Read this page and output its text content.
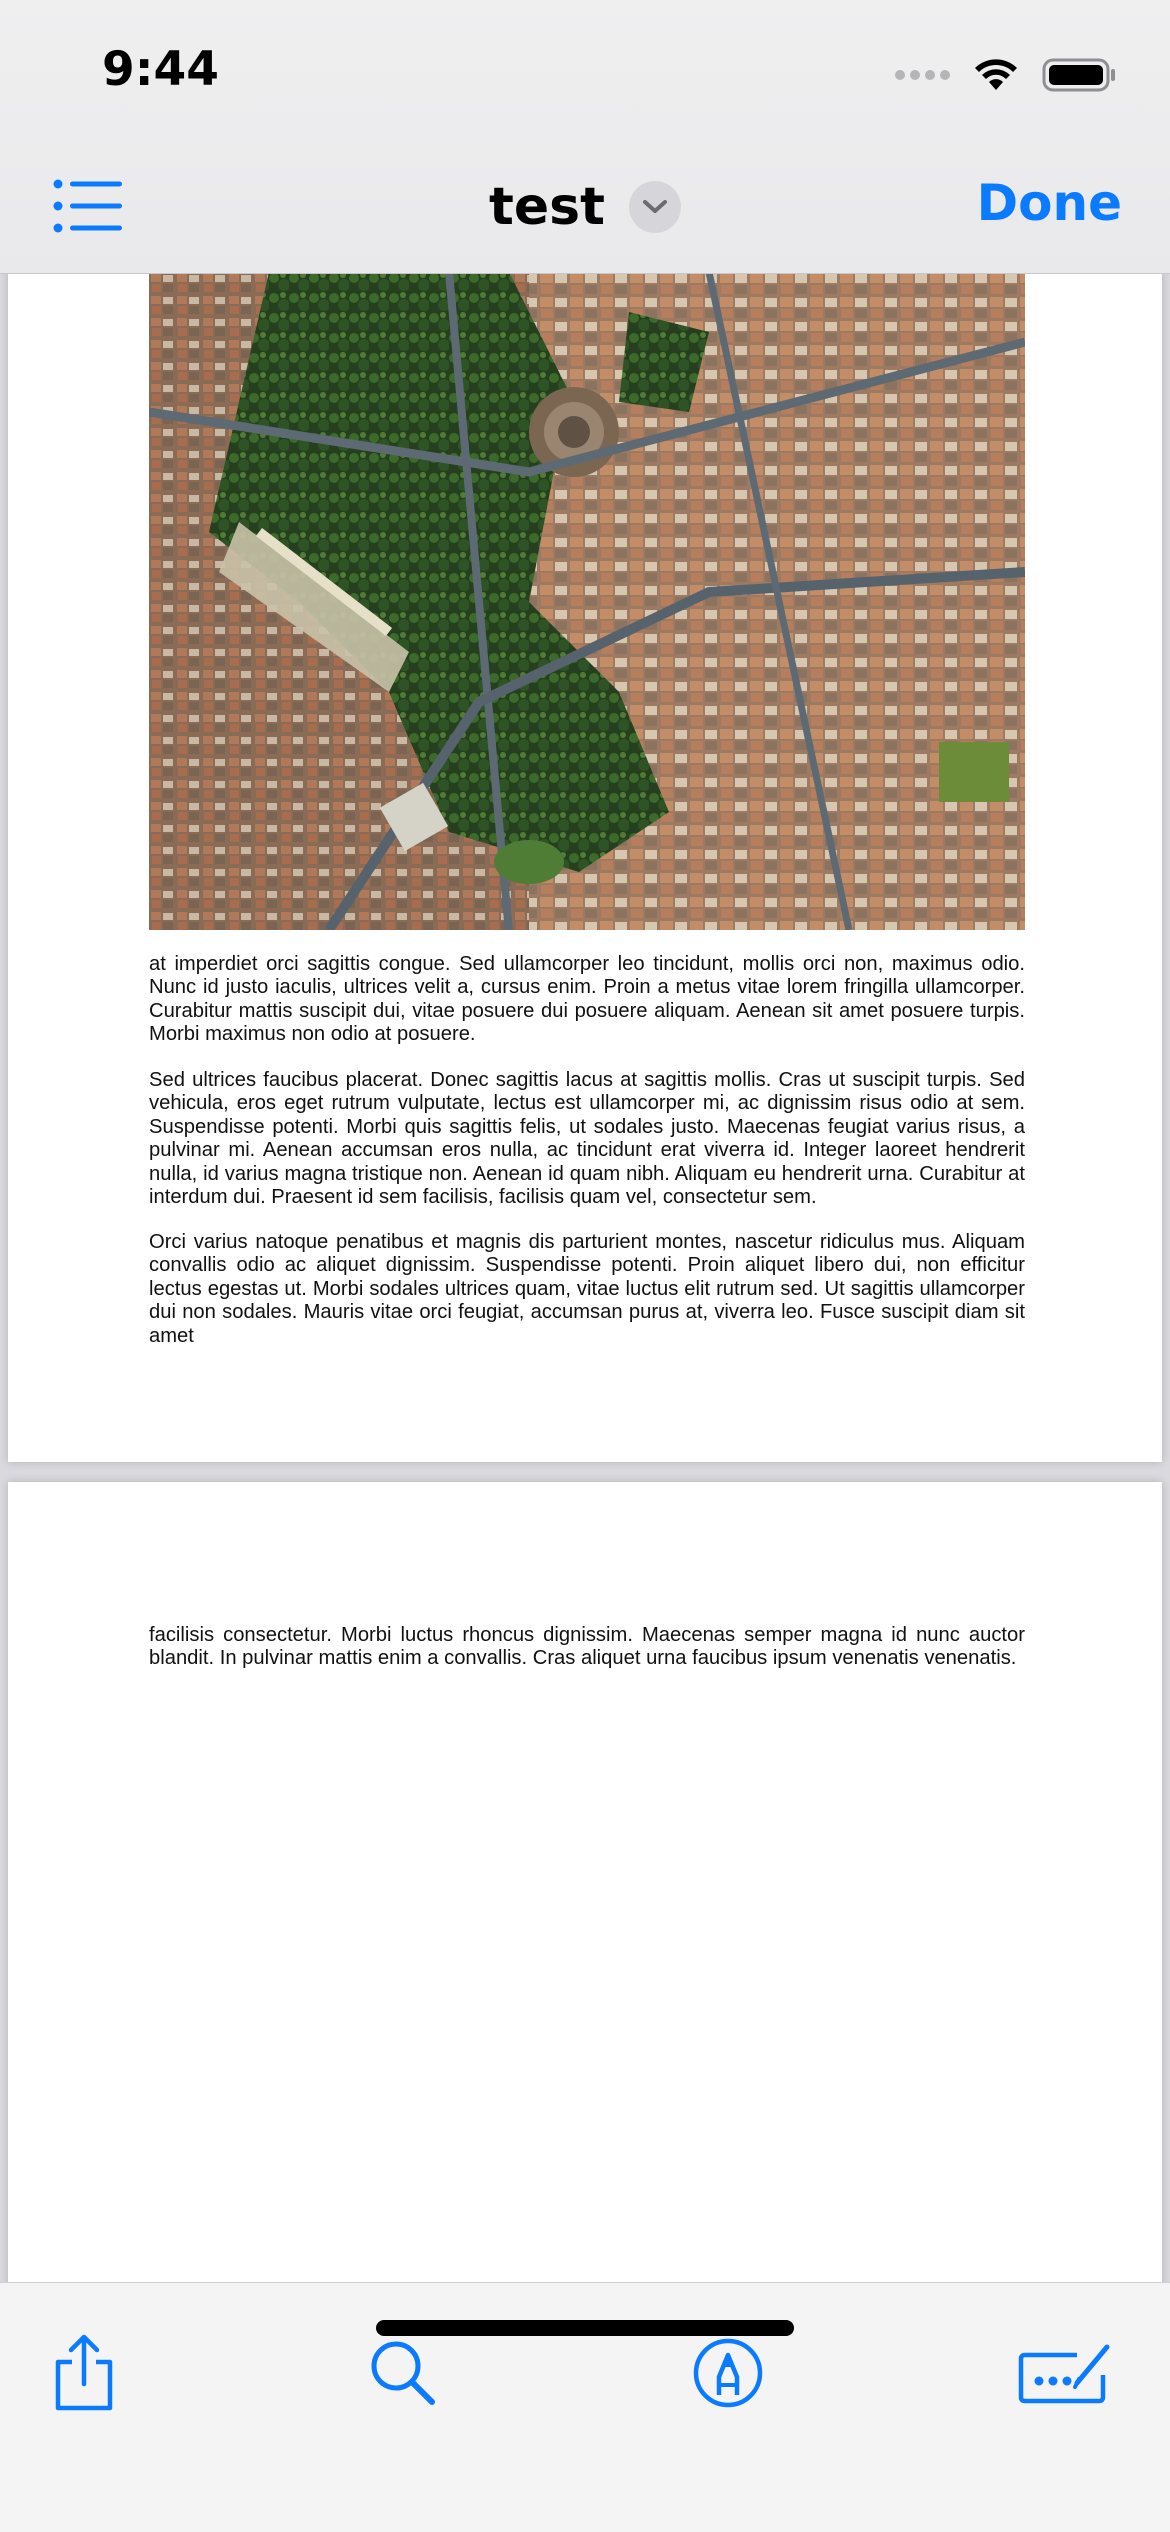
9:44
test	Done

at imperdiet orci sagittis congue. Sed ullamcorper leo tincidunt, mollis orci non, maximus odio. Nunc id justo iaculis, ultrices velit a, cursus enim. Proin a metus vitae lorem fringilla ullamcorper. Curabitur mattis suscipit dui, vitae posuere dui posuere aliquam. Aenean sit amet posuere turpis. Morbi maximus non odio at posuere.

Sed ultrices faucibus placerat. Donec sagittis lacus at sagittis mollis. Cras ut suscipit turpis. Sed vehicula, eros eget rutrum vulputate, lectus est ullamcorper mi, ac dignissim risus odio at sem. Suspendisse potenti. Morbi quis sagittis felis, ut sodales justo. Maecenas feugiat varius risus, a pulvinar mi. Aenean accumsan eros nulla, ac tincidunt erat viverra id. Integer laoreet hendrerit nulla, id varius magna tristique non. Aenean id quam nibh. Aliquam eu hendrerit urna. Curabitur at interdum dui. Praesent id sem facilisis, facilisis quam vel, consectetur sem.

Orci varius natoque penatibus et magnis dis parturient montes, nascetur ridiculus mus. Aliquam convallis odio ac aliquet dignissim. Suspendisse potenti. Proin aliquet libero dui, non efficitur lectus egestas ut. Morbi sodales ultrices quam, vitae luctus elit rutrum sed. Ut sagittis ullamcorper dui non sodales. Mauris vitae orci feugiat, accumsan purus at, viverra leo. Fusce suscipit diam sit amet

facilisis consectetur. Morbi luctus rhoncus dignissim. Maecenas semper magna id nunc auctor blandit. In pulvinar mattis enim a convallis. Cras aliquet urna faucibus ipsum venenatis venenatis.
